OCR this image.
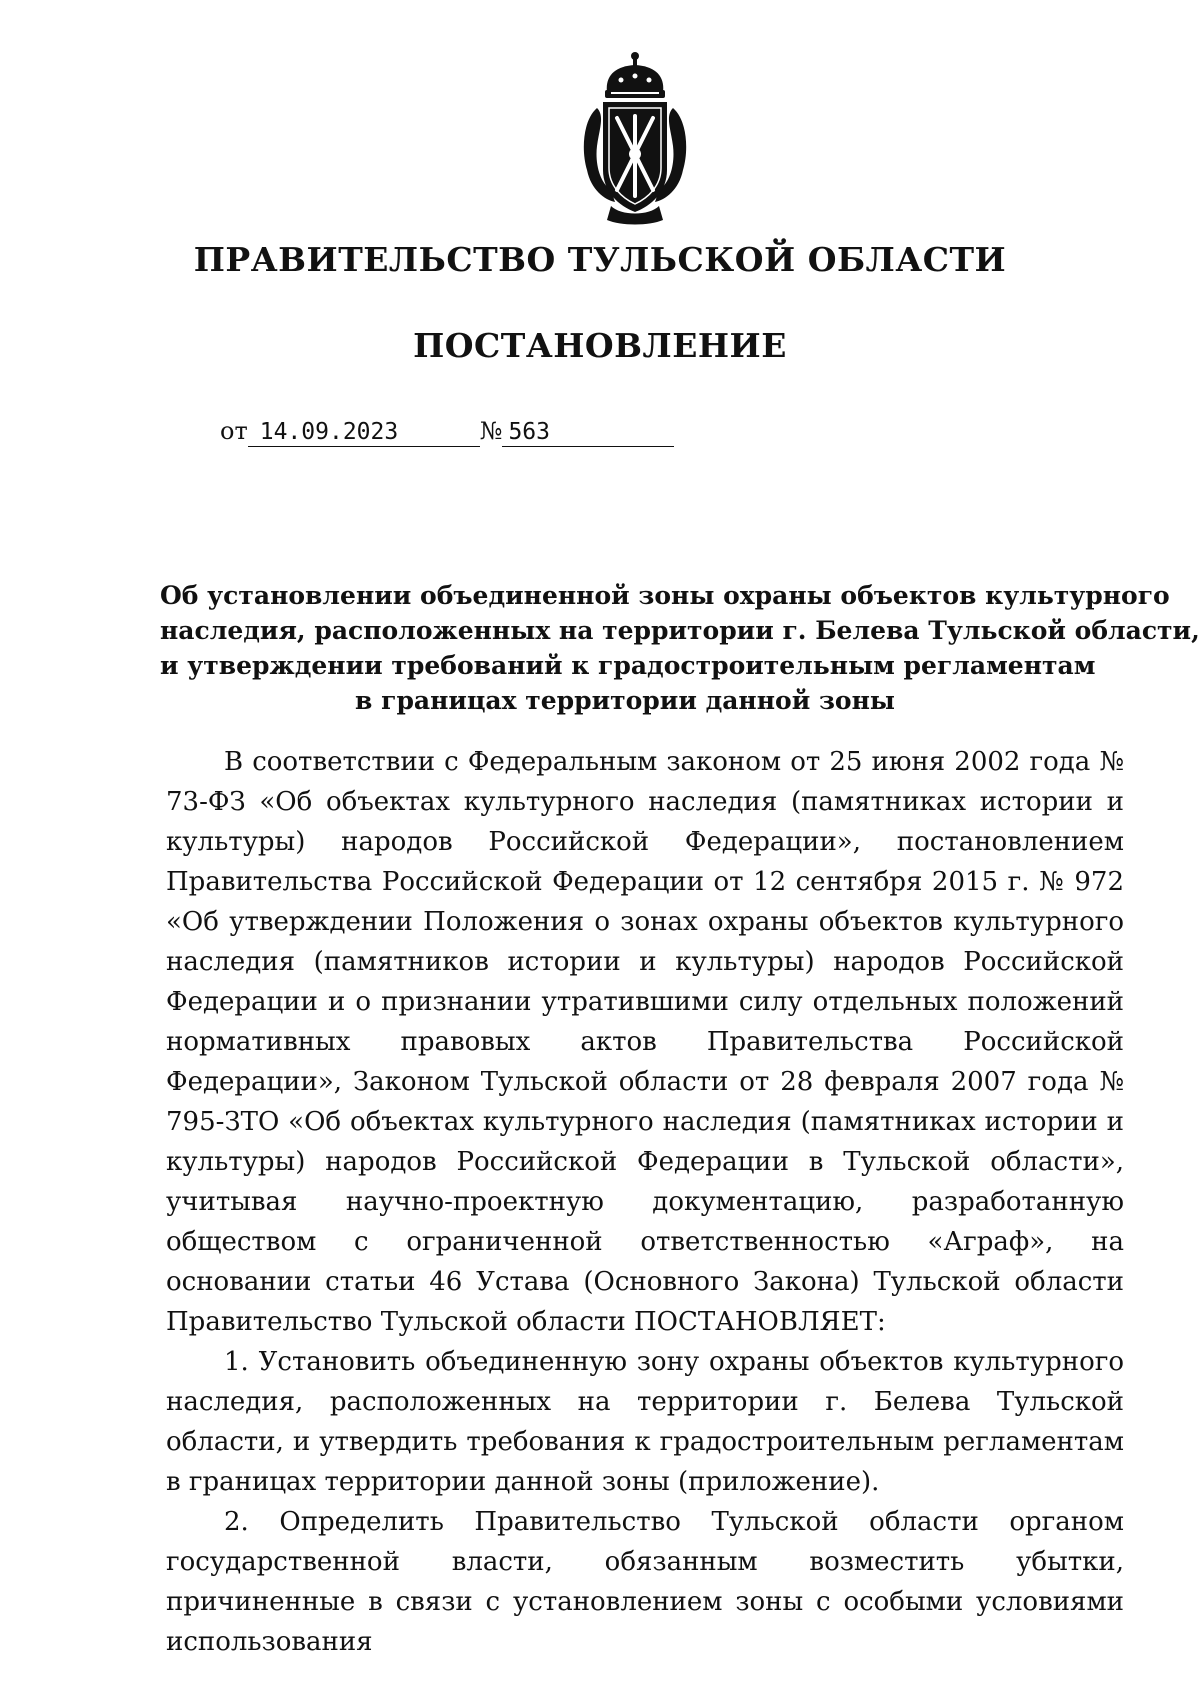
ПРАВИТЕЛЬСТВО ТУЛЬСКОЙ ОБЛАСТИ
ПОСТАНОВЛЕНИЕ
от 14.09.2023	№ 563
Об установлении объединенной зоны охраны объектов культурного
наследия, расположенных на территории г. Белева Тульской области,
и утверждении требований к градостроительным регламентам
в границах территории данной зоны

В соответствии с Федеральным законом от 25 июня 2002 года № 73-ФЗ «Об объектах культурного наследия (памятниках истории и культуры) народов Российской Федерации», постановлением Правительства Российской Федерации от 12 сентября 2015 г. № 972 «Об утверждении Положения о зонах охраны объектов культурного наследия (памятников истории и культуры) народов Российской Федерации и о признании утратившими силу отдельных положений нормативных правовых актов Правительства Российской Федерации», Законом Тульской области от 28 февраля 2007 года № 795-ЗТО «Об объектах культурного наследия (памятниках истории и культуры) народов Российской Федерации в Тульской области», учитывая научно-проектную документацию, разработанную обществом с ограниченной ответственностью «Аграф», на основании статьи 46 Устава (Основного Закона) Тульской области Правительство Тульской области ПОСТАНОВЛЯЕТ:

1. Установить объединенную зону охраны объектов культурного наследия, расположенных на территории г. Белева Тульской области, и утвердить требования к градостроительным регламентам в границах территории данной зоны (приложение).

2. Определить Правительство Тульской области органом государственной власти, обязанным возместить убытки, причиненные в связи с установлением зоны с особыми условиями использования
